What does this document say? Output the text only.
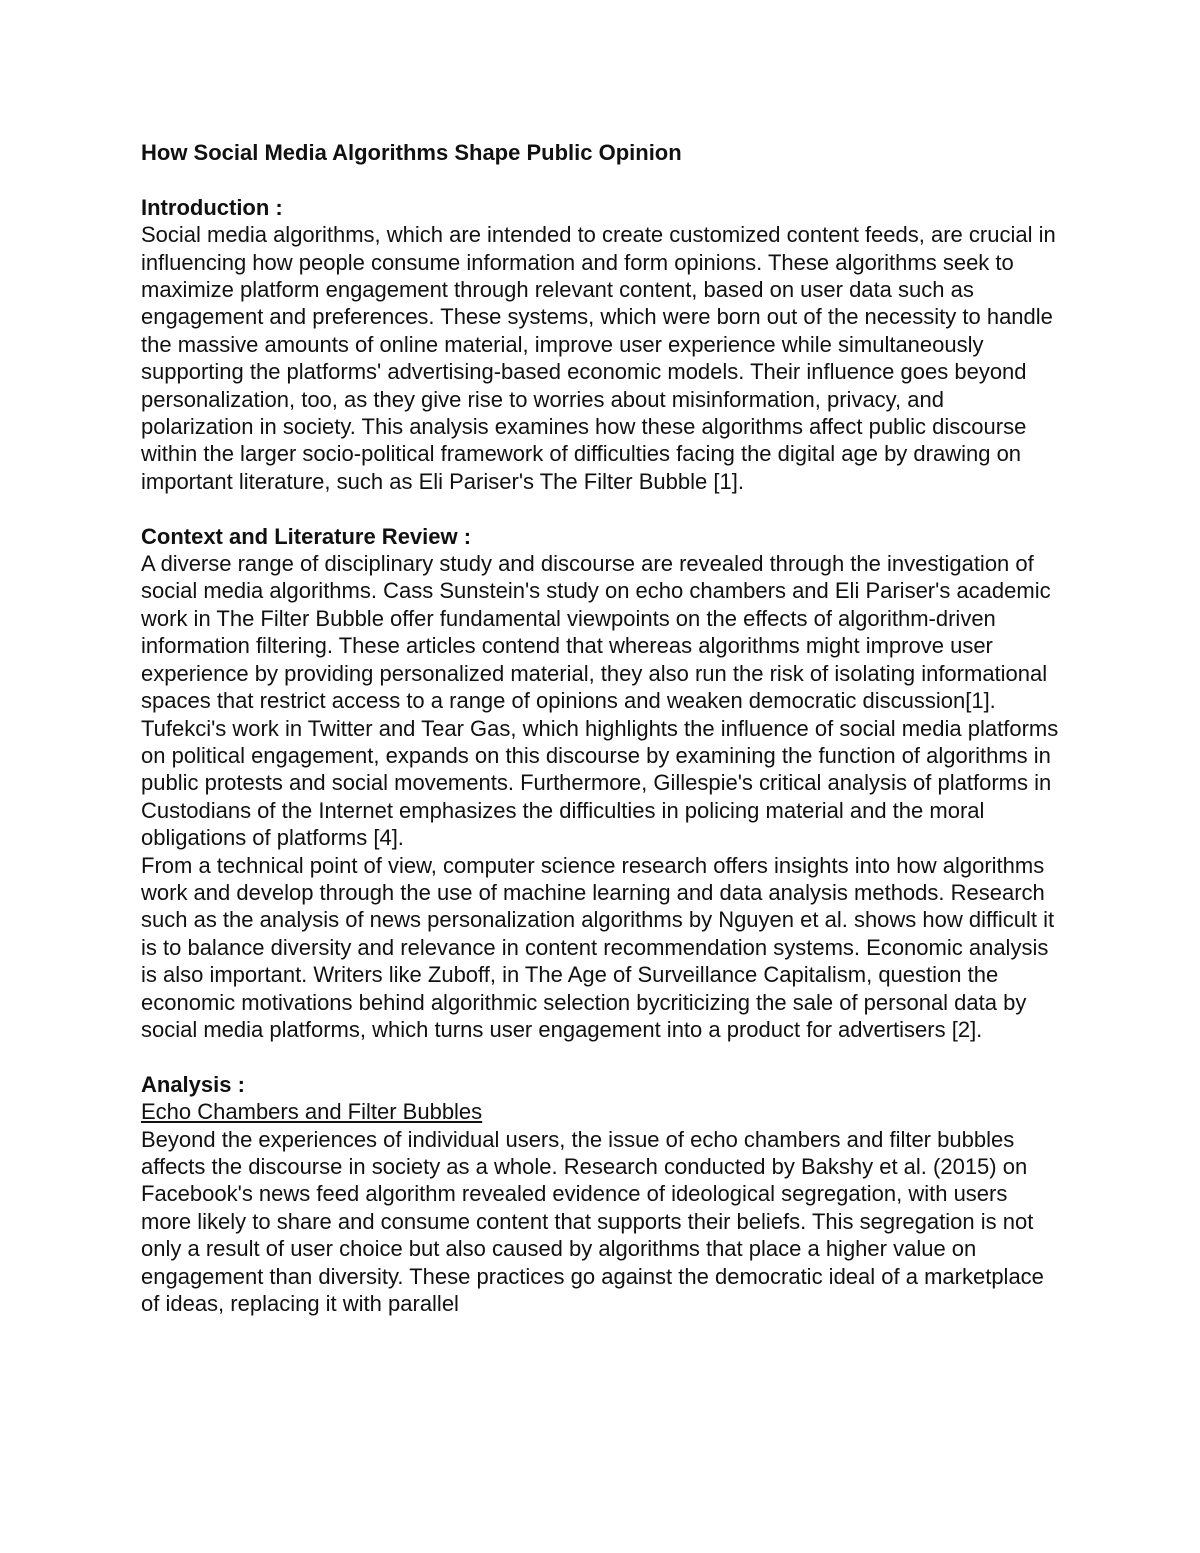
How Social Media Algorithms Shape Public Opinion

Introduction :

Social media algorithms, which are intended to create customized content feeds, are crucial in influencing how people consume information and form opinions. These algorithms seek to maximize platform engagement through relevant content, based on user data such as engagement and preferences. These systems, which were born out of the necessity to handle the massive amounts of online material, improve user experience while simultaneously supporting the platforms' advertising-based economic models. Their influence goes beyond personalization, too, as they give rise to worries about misinformation, privacy, and polarization in society. This analysis examines how these algorithms affect public discourse within the larger socio-political framework of difficulties facing the digital age by drawing on important literature, such as Eli Pariser's The Filter Bubble [1].

Context and Literature Review :

A diverse range of disciplinary study and discourse are revealed through the investigation of social media algorithms. Cass Sunstein's study on echo chambers and Eli Pariser's academic work in The Filter Bubble offer fundamental viewpoints on the effects of algorithm-driven information filtering. These articles contend that whereas algorithms might improve user experience by providing personalized material, they also run the risk of isolating informational spaces that restrict access to a range of opinions and weaken democratic discussion[1].

Tufekci's work in Twitter and Tear Gas, which highlights the influence of social media platforms on political engagement, expands on this discourse by examining the function of algorithms in public protests and social movements. Furthermore, Gillespie's critical analysis of platforms in Custodians of the Internet emphasizes the difficulties in policing material and the moral obligations of platforms [4].

From a technical point of view, computer science research offers insights into how algorithms work and develop through the use of machine learning and data analysis methods. Research such as the analysis of news personalization algorithms by Nguyen et al. shows how difficult it is to balance diversity and relevance in content recommendation systems. Economic analysis is also important. Writers like Zuboff, in The Age of Surveillance Capitalism, question the economic motivations behind algorithmic selection bycriticizing the sale of personal data by social media platforms, which turns user engagement into a product for advertisers [2].

Analysis :

Echo Chambers and Filter Bubbles

Beyond the experiences of individual users, the issue of echo chambers and filter bubbles affects the discourse in society as a whole. Research conducted by Bakshy et al. (2015) on Facebook's news feed algorithm revealed evidence of ideological segregation, with users more likely to share and consume content that supports their beliefs. This segregation is not only a result of user choice but also caused by algorithms that place a higher value on engagement than diversity. These practices go against the democratic ideal of a marketplace of ideas, replacing it with parallel
